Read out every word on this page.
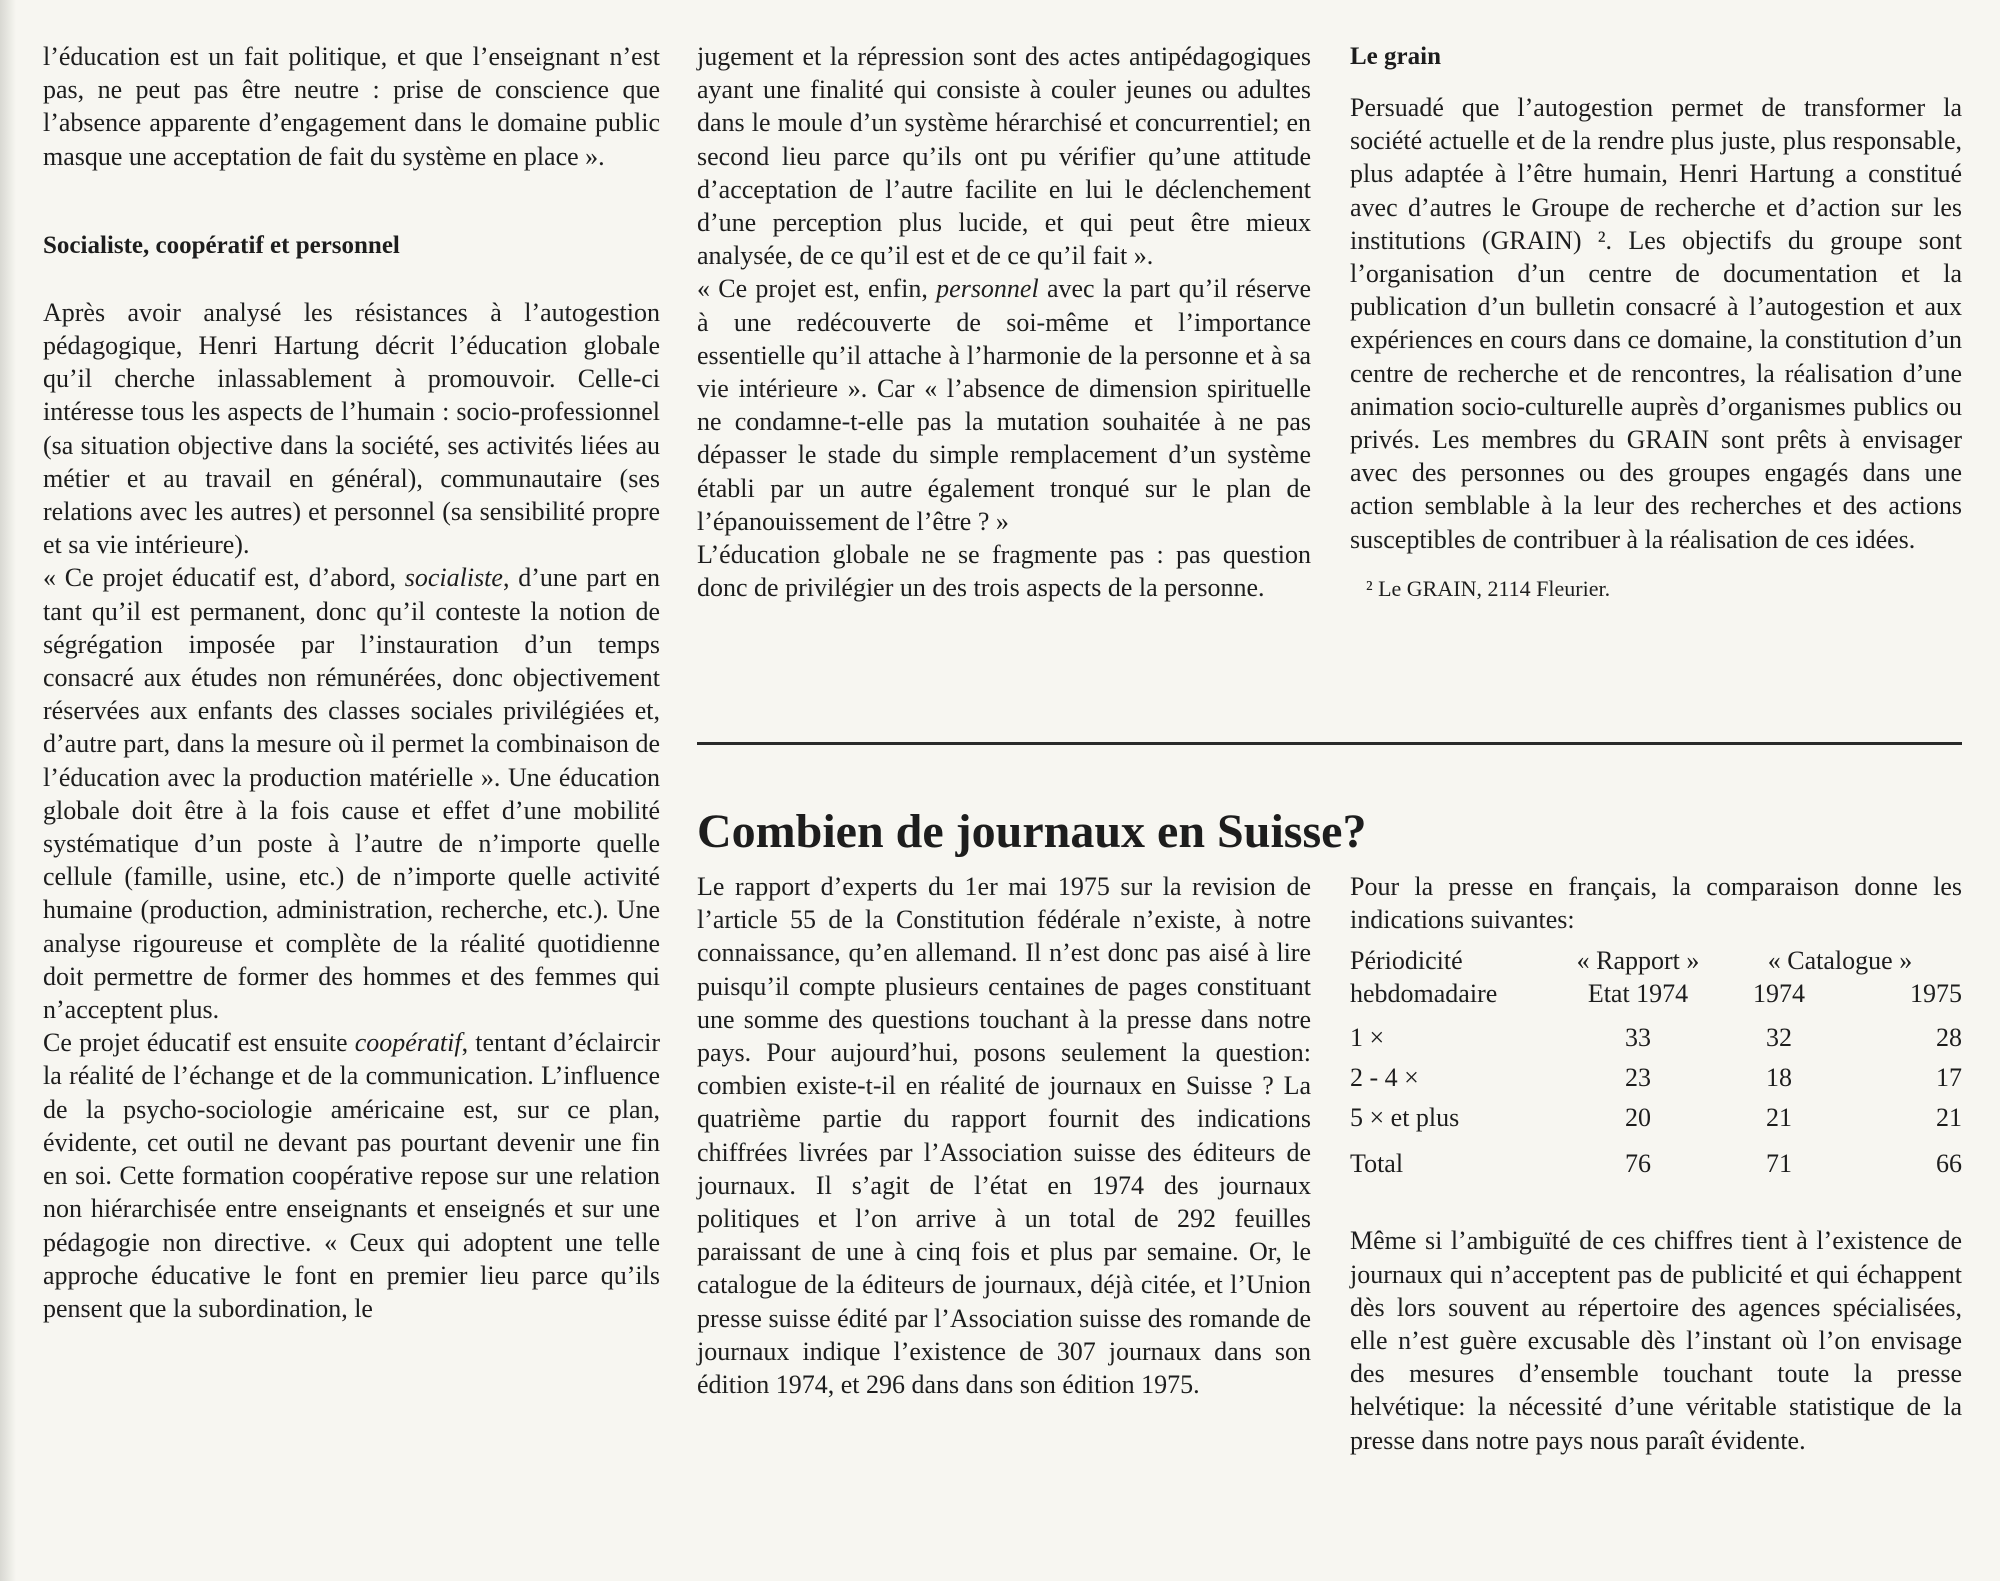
l’éducation est un fait politique, et que l’enseignant n’est pas, ne peut pas être neutre : prise de conscience que l’absence apparente d’engagement dans le domaine public masque une acceptation de fait du système en place ».

Socialiste, coopératif et personnel

Après avoir analysé les résistances à l’autogestion pédagogique, Henri Hartung décrit l’éducation globale qu’il cherche inlassablement à promouvoir. Celle-ci intéresse tous les aspects de l’humain : socio-professionnel (sa situation objective dans la société, ses activités liées au métier et au travail en général), communautaire (ses relations avec les autres) et personnel (sa sensibilité propre et sa vie intérieure).

« Ce projet éducatif est, d’abord, socialiste, d’une part en tant qu’il est permanent, donc qu’il conteste la notion de ségrégation imposée par l’instauration d’un temps consacré aux études non rémunérées, donc objectivement réservées aux enfants des classes sociales privilégiées et, d’autre part, dans la mesure où il permet la combinaison de l’éducation avec la production matérielle ». Une éducation globale doit être à la fois cause et effet d’une mobilité systématique d’un poste à l’autre de n’importe quelle cellule (famille, usine, etc.) de n’importe quelle activité humaine (production, administration, recherche, etc.). Une analyse rigoureuse et complète de la réalité quotidienne doit permettre de former des hommes et des femmes qui n’acceptent plus.

Ce projet éducatif est ensuite coopératif, tentant d’éclaircir la réalité de l’échange et de la communication. L’influence de la psycho-sociologie américaine est, sur ce plan, évidente, cet outil ne devant pas pourtant devenir une fin en soi. Cette formation coopérative repose sur une relation non hiérarchisée entre enseignants et enseignés et sur une pédagogie non directive. « Ceux qui adoptent une telle approche éducative le font en premier lieu parce qu’ils pensent que la subordination, le

jugement et la répression sont des actes antipédagogiques ayant une finalité qui consiste à couler jeunes ou adultes dans le moule d’un système hérarchisé et concurrentiel; en second lieu parce qu’ils ont pu vérifier qu’une attitude d’acceptation de l’autre facilite en lui le déclenchement d’une perception plus lucide, et qui peut être mieux analysée, de ce qu’il est et de ce qu’il fait ».

« Ce projet est, enfin, personnel avec la part qu’il réserve à une redécouverte de soi-même et l’importance essentielle qu’il attache à l’harmonie de la personne et à sa vie intérieure ». Car « l’absence de dimension spirituelle ne condamne-t-elle pas la mutation souhaitée à ne pas dépasser le stade du simple remplacement d’un système établi par un autre également tronqué sur le plan de l’épanouissement de l’être ? »

L’éducation globale ne se fragmente pas : pas question donc de privilégier un des trois aspects de la personne.

Le grain

Persuadé que l’autogestion permet de transformer la société actuelle et de la rendre plus juste, plus responsable, plus adaptée à l’être humain, Henri Hartung a constitué avec d’autres le Groupe de recherche et d’action sur les institutions (GRAIN) ². Les objectifs du groupe sont l’organisation d’un centre de documentation et la publication d’un bulletin consacré à l’autogestion et aux expériences en cours dans ce domaine, la constitution d’un centre de recherche et de rencontres, la réalisation d’une animation socio-culturelle auprès d’organismes publics ou privés. Les membres du GRAIN sont prêts à envisager avec des personnes ou des groupes engagés dans une action semblable à la leur des recherches et des actions susceptibles de contribuer à la réalisation de ces idées.

² Le GRAIN, 2114 Fleurier.

Combien de journaux en Suisse?

Le rapport d’experts du 1er mai 1975 sur la revision de l’article 55 de la Constitution fédérale n’existe, à notre connaissance, qu’en allemand. Il n’est donc pas aisé à lire puisqu’il compte plusieurs centaines de pages constituant une somme des questions touchant à la presse dans notre pays. Pour aujourd’hui, posons seulement la question: combien existe-t-il en réalité de journaux en Suisse ? La quatrième partie du rapport fournit des indications chiffrées livrées par l’Association suisse des éditeurs de journaux. Il s’agit de l’état en 1974 des journaux politiques et l’on arrive à un total de 292 feuilles paraissant de une à cinq fois et plus par semaine. Or, le catalogue de la éditeurs de journaux, déjà citée, et l’Union presse suisse édité par l’Association suisse des romande de journaux indique l’existence de 307 journaux dans son édition 1974, et 296 dans dans son édition 1975.

Pour la presse en français, la comparaison donne les indications suivantes:

Périodicité	« Rapport »	« Catalogue »	
hebdomadaire	Etat 1974	1974	1975
1 ×	33	32	28
2 - 4 ×	23	18	17
5 × et plus	20	21	21
Total	76	71	66

Même si l’ambiguïté de ces chiffres tient à l’existence de journaux qui n’acceptent pas de publicité et qui échappent dès lors souvent au répertoire des agences spécialisées, elle n’est guère excusable dès l’instant où l’on envisage des mesures d’ensemble touchant toute la presse helvétique: la nécessité d’une véritable statistique de la presse dans notre pays nous paraît évidente.
